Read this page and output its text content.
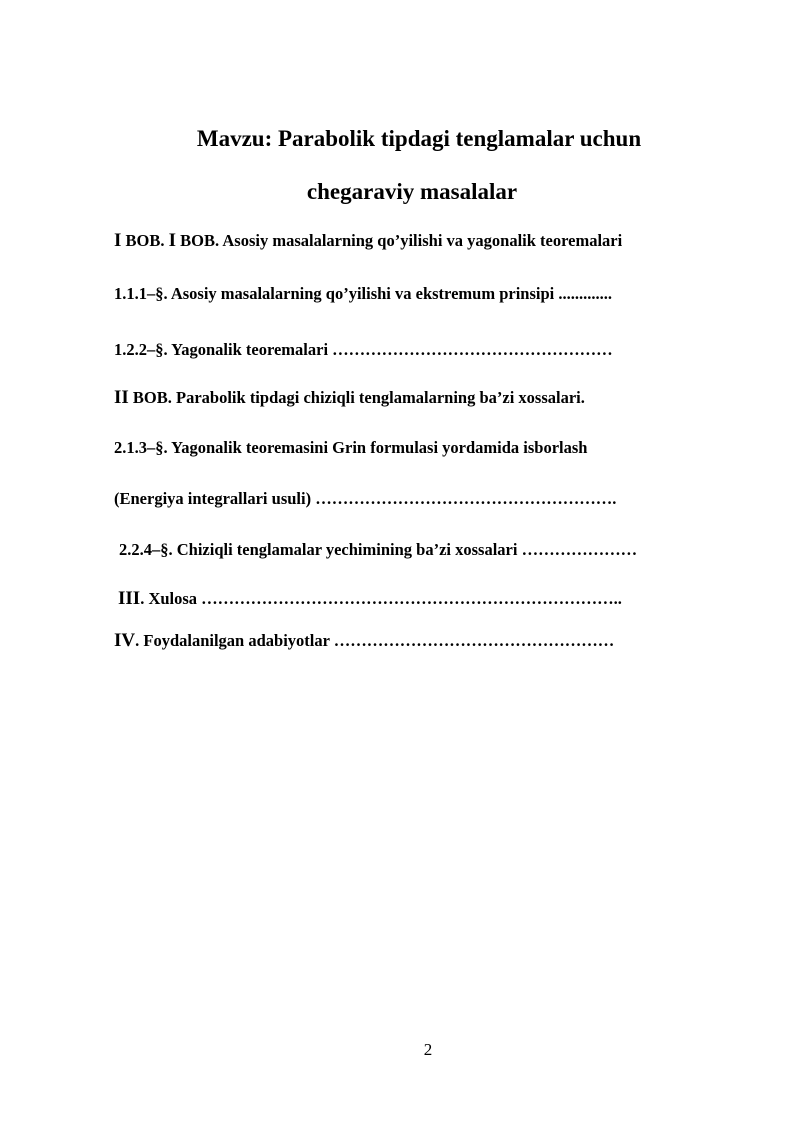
Mavzu: Parabolik tipdagi tenglamalar uchun
chegaraviy masalalar
I BOB. I BOB. Asosiy masalalarning qo’yilishi va yagonalik teoremalari
1.1.1‒§. Asosiy masalalarning qo’yilishi va ekstremum prinsipi .............
1.2.2‒§. Yagonalik teoremalari ……………………………………………
II BOB. Parabolik tipdagi chiziqli tenglamalarning ba’zi xossalari.
2.1.3‒§. Yagonalik teoremasini Grin formulasi yordamida isborlash
(Energiya integrallari usuli) ……………………………………………….
2.2.4‒§. Chiziqli tenglamalar yechimining ba’zi xossalari …………………
III. Xulosa …………………………………………………………………..
IV. Foydalanilgan adabiyotlar ……………………………………………
2
